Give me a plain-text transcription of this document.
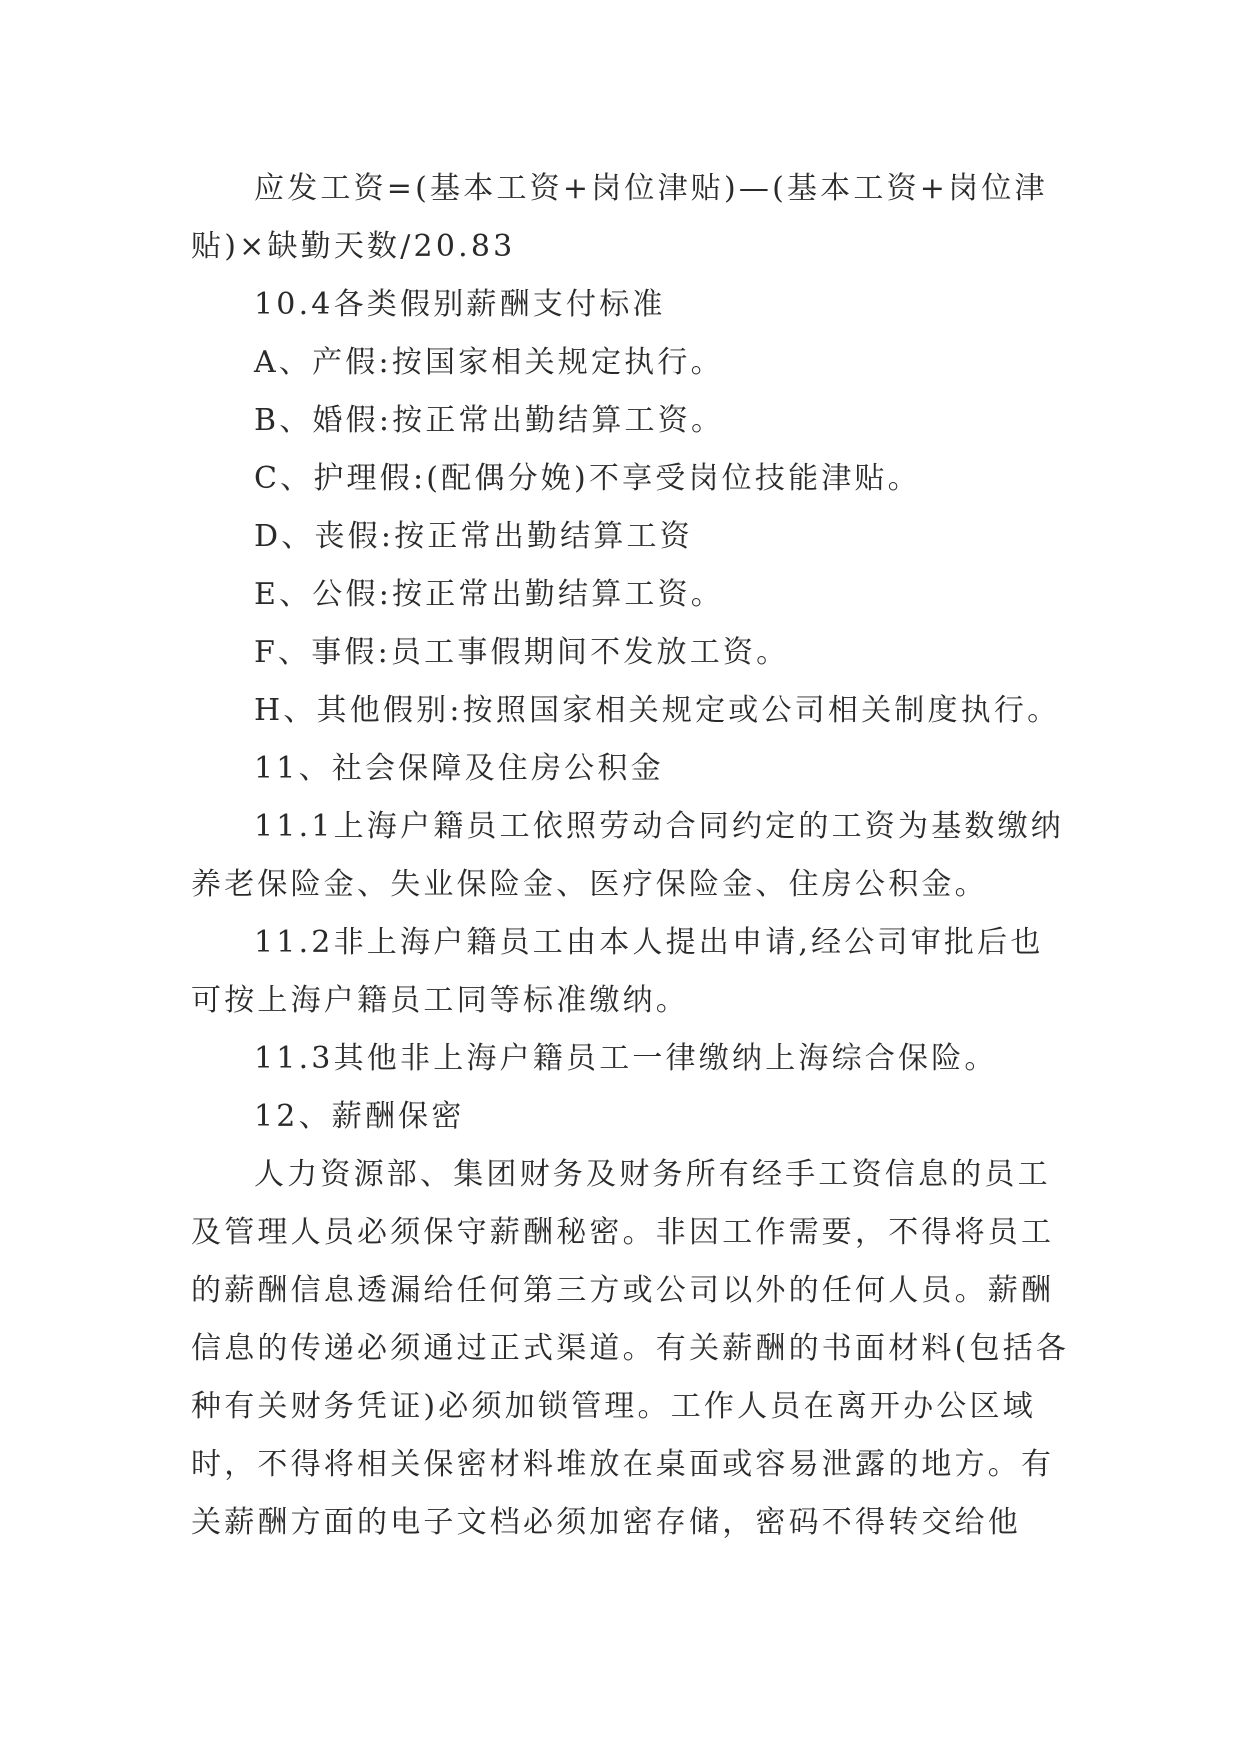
应发工资=(基本工资+岗位津贴)—(基本工资+岗位津贴)×缺勤天数/20.83

10.4各类假别薪酬支付标准

A、产假:按国家相关规定执行。

B、婚假:按正常出勤结算工资。

C、护理假:(配偶分娩)不享受岗位技能津贴。

D、丧假:按正常出勤结算工资

E、公假:按正常出勤结算工资。

F、事假:员工事假期间不发放工资。

H、其他假别:按照国家相关规定或公司相关制度执行。

11、社会保障及住房公积金

11.1上海户籍员工依照劳动合同约定的工资为基数缴纳养老保险金、失业保险金、医疗保险金、住房公积金。

11.2非上海户籍员工由本人提出申请,经公司审批后也可按上海户籍员工同等标准缴纳。

11.3其他非上海户籍员工一律缴纳上海综合保险。

12、薪酬保密

人力资源部、集团财务及财务所有经手工资信息的员工及管理人员必须保守薪酬秘密。非因工作需要，不得将员工的薪酬信息透漏给任何第三方或公司以外的任何人员。薪酬信息的传递必须通过正式渠道。有关薪酬的书面材料(包括各种有关财务凭证)必须加锁管理。工作人员在离开办公区域时，不得将相关保密材料堆放在桌面或容易泄露的地方。有关薪酬方面的电子文档必须加密存储，密码不得转交给他
